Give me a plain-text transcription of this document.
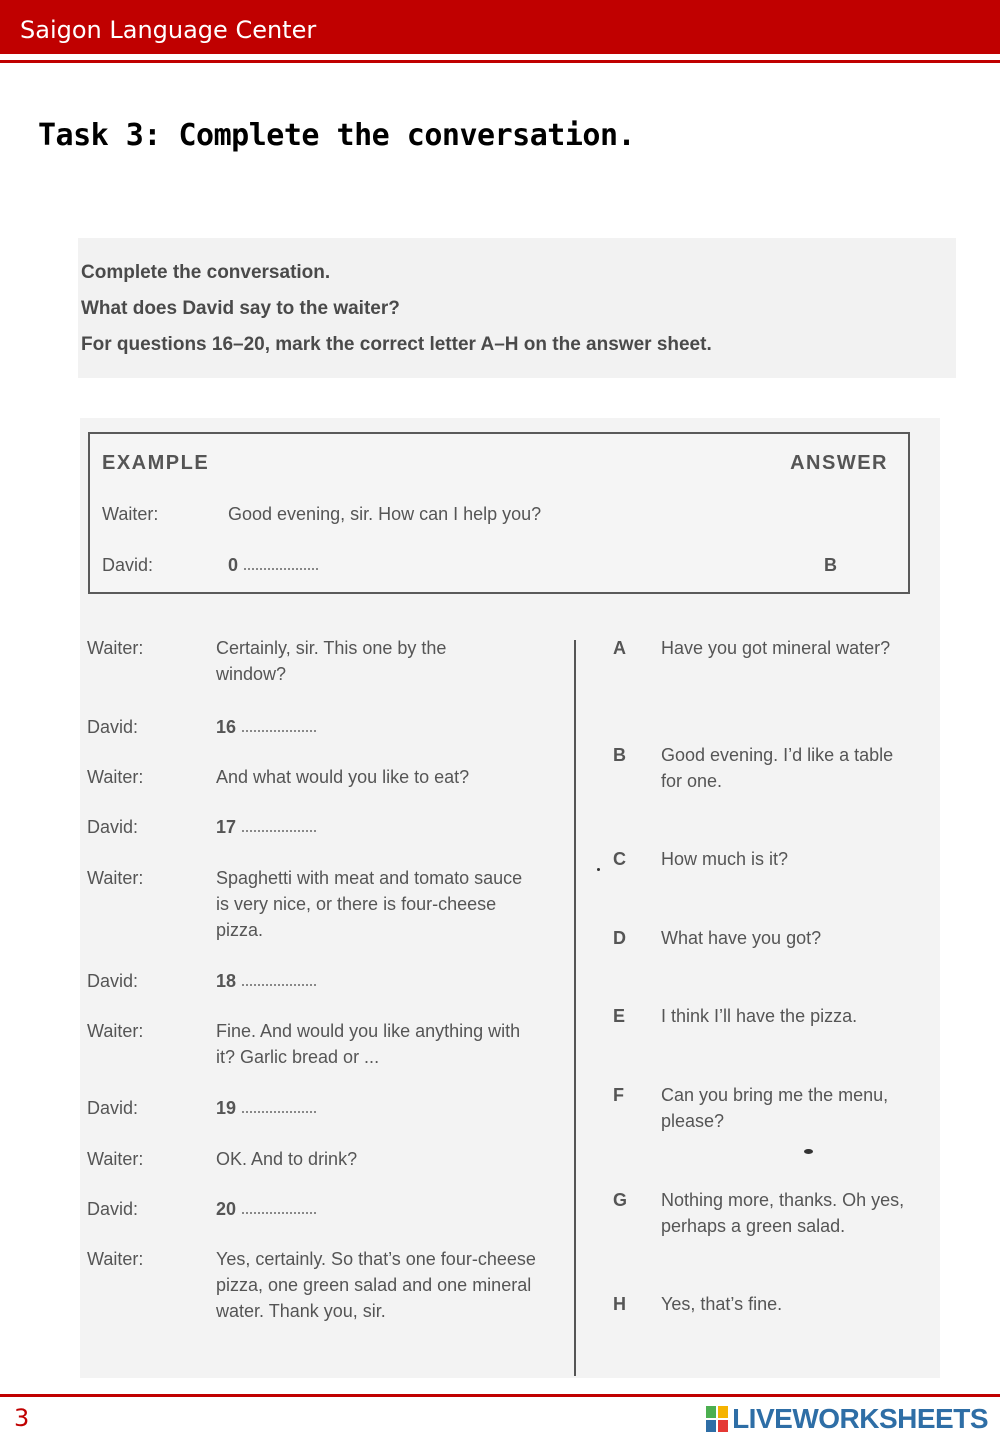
Saigon Language Center
Task 3: Complete the conversation.
Complete the conversation.
What does David say to the waiter?
For questions 16–20, mark the correct letter A–H on the answer sheet.
EXAMPLE	ANSWER
Waiter:	Good evening, sir. How can I help you?
David:	0	B
Waiter:	Certainly, sir. This one by the window?
David:	16
Waiter:	And what would you like to eat?
David:	17
Waiter:	Spaghetti with meat and tomato sauce is very nice, or there is four-cheese pizza.
David:	18
Waiter:	Fine. And would you like anything with it? Garlic bread or ...
David:	19
Waiter:	OK. And to drink?
David:	20
Waiter:	Yes, certainly. So that’s one four-cheese pizza, one green salad and one mineral water. Thank you, sir.
A Have you got mineral water?
B Good evening. I’d like a table for one.
C How much is it?
D What have you got?
E I think I’ll have the pizza.
F Can you bring me the menu, please?
G Nothing more, thanks. Oh yes, perhaps a green salad.
H Yes, that’s fine.
3	LIVEWORKSHEETS
